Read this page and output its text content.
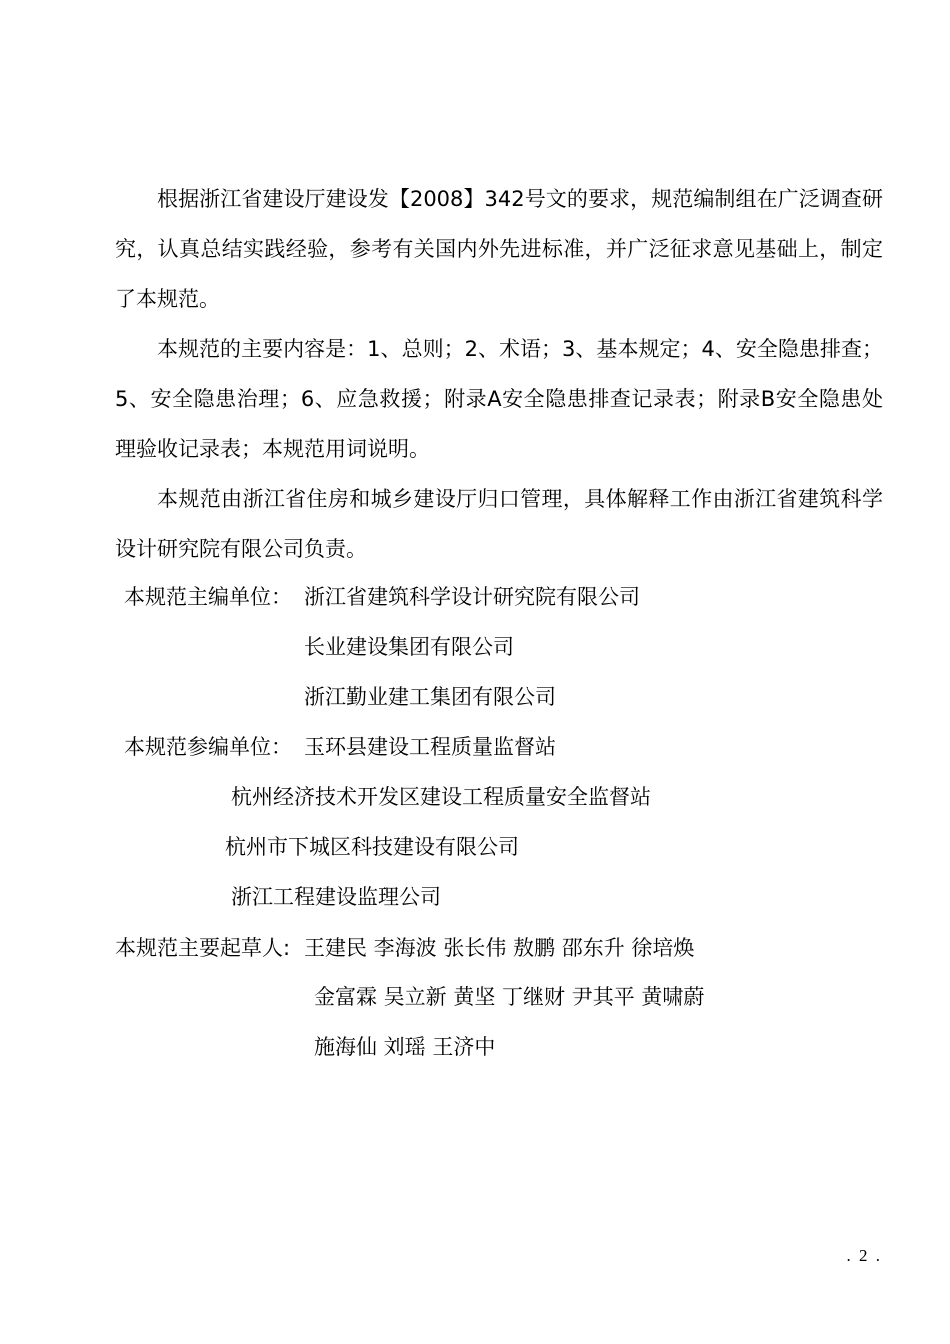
根据浙江省建设厅建设发【2008】342号文的要求，规范编制组在广泛调查研究，认真总结实践经验，参考有关国内外先进标准，并广泛征求意见基础上，制定了本规范。

本规范的主要内容是：1、总则；2、术语；3、基本规定；4、安全隐患排查；5、安全隐患治理；6、应急救援；附录A安全隐患排查记录表；附录B安全隐患处理验收记录表；本规范用词说明。

本规范由浙江省住房和城乡建设厅归口管理，具体解释工作由浙江省建筑科学设计研究院有限公司负责。

本规范主编单位： 浙江省建筑科学设计研究院有限公司
长业建设集团有限公司
浙江勤业建工集团有限公司
本规范参编单位： 玉环县建设工程质量监督站
杭州经济技术开发区建设工程质量安全监督站
杭州市下城区科技建设有限公司
浙江工程建设监理公司
本规范主要起草人: 王建民 李海波 张长伟 敖鹏 邵东升 徐培焕
金富霖 吴立新 黄坚 丁继财 尹其平 黄啸蔚
施海仙 刘瑶 王济中
. 2 .
